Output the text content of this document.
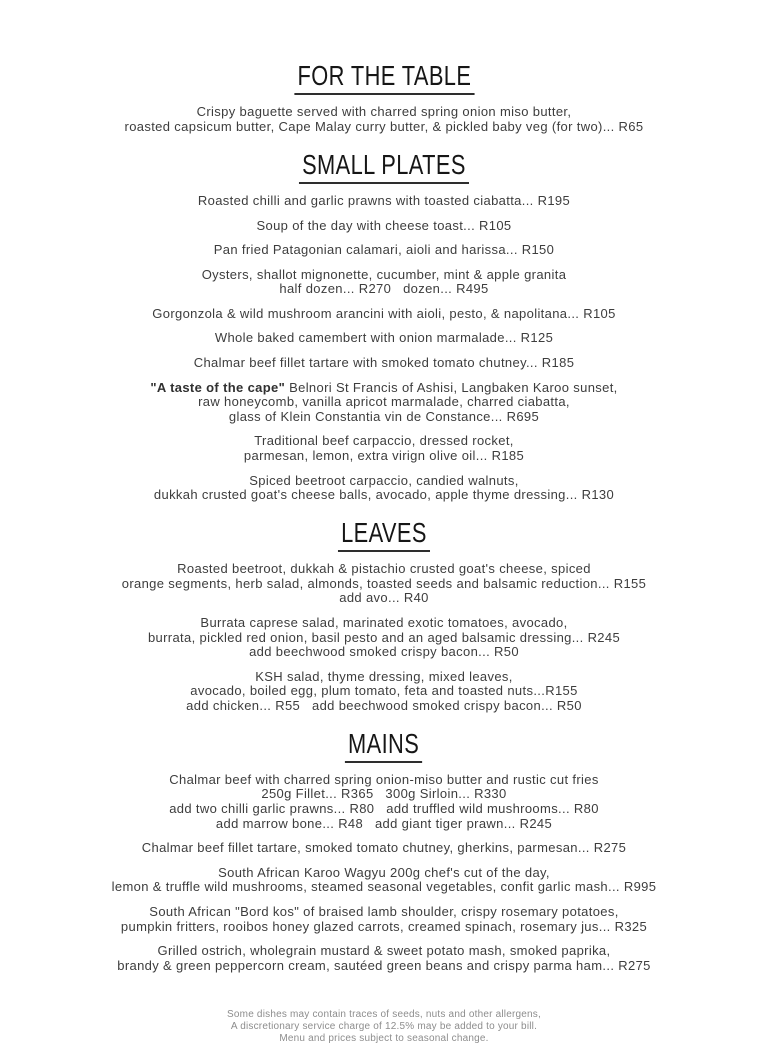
FOR THE TABLE

Crispy baguette served with charred spring onion miso butter,
roasted capsicum butter, Cape Malay curry butter, & pickled baby veg (for two)... R65

SMALL PLATES

Roasted chilli and garlic prawns with toasted ciabatta... R195

Soup of the day with cheese toast... R105

Pan fried Patagonian calamari, aioli and harissa... R150

Oysters, shallot mignonette, cucumber, mint & apple granita
half dozen... R270   dozen... R495

Gorgonzola & wild mushroom arancini with aioli, pesto, & napolitana... R105

Whole baked camembert with onion marmalade... R125

Chalmar beef fillet tartare with smoked tomato chutney... R185

"A taste of the cape" Belnori St Francis of Ashisi, Langbaken Karoo sunset,
raw honeycomb, vanilla apricot marmalade, charred ciabatta,
glass of Klein Constantia vin de Constance... R695

Traditional beef carpaccio, dressed rocket,
parmesan, lemon, extra virign olive oil... R185

Spiced beetroot carpaccio, candied walnuts,
dukkah crusted goat's cheese balls, avocado, apple thyme dressing... R130

LEAVES

Roasted beetroot, dukkah & pistachio crusted goat's cheese, spiced
orange segments, herb salad, almonds, toasted seeds and balsamic reduction... R155
add avo... R40

Burrata caprese salad, marinated exotic tomatoes, avocado,
burrata, pickled red onion, basil pesto and an aged balsamic dressing... R245
add beechwood smoked crispy bacon... R50

KSH salad, thyme dressing, mixed leaves,
avocado, boiled egg, plum tomato, feta and toasted nuts...R155
add chicken... R55   add beechwood smoked crispy bacon... R50

MAINS

Chalmar beef with charred spring onion-miso butter and rustic cut fries
250g Fillet... R365   300g Sirloin... R330
add two chilli garlic prawns... R80   add truffled wild mushrooms... R80
add marrow bone... R48   add giant tiger prawn... R245

Chalmar beef fillet tartare, smoked tomato chutney, gherkins, parmesan... R275

South African Karoo Wagyu 200g chef's cut of the day,
lemon & truffle wild mushrooms, steamed seasonal vegetables, confit garlic mash... R995

South African "Bord kos" of braised lamb shoulder, crispy rosemary potatoes,
pumpkin fritters, rooibos honey glazed carrots, creamed spinach, rosemary jus... R325

Grilled ostrich, wholegrain mustard & sweet potato mash, smoked paprika,
brandy & green peppercorn cream, sautéed green beans and crispy parma ham... R275

Some dishes may contain traces of seeds, nuts and other allergens,
A discretionary service charge of 12.5% may be added to your bill.
Menu and prices subject to seasonal change.
